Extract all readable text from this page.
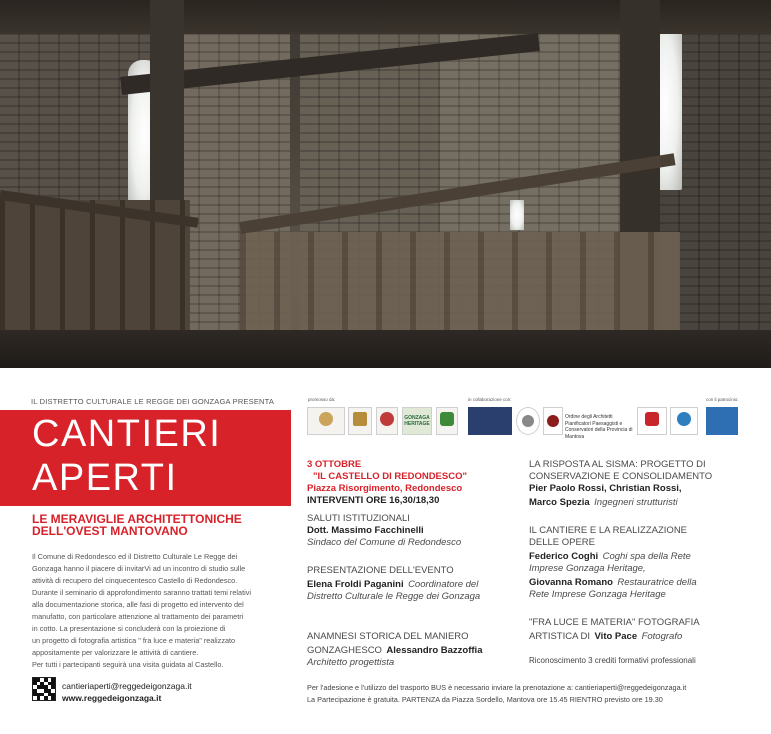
IL DISTRETTO CULTURALE LE REGGE DEI GONZAGA PRESENTA
CANTIERI
APERTI
LE MERAVIGLIE ARCHITETTONICHE
DELL'OVEST MANTOVANO
Il Comune di Redondesco ed il Distretto Culturale Le Regge dei
Gonzaga hanno il piacere di invitarVi ad un incontro di studio sulle
attività di recupero del cinquecentesco Castello di Redondesco.
Durante il seminario di approfondimento saranno trattati temi relativi
alla documentazione storica, alle fasi di progetto ed intervento del
manufatto, con particolare attenzione al trattamento dei parametri
in cotto. La presentazione si concluderà con la proiezione di
un progetto di fotografia artistica " fra luce e materia" realizzato
appositamente per valorizzare le attività di cantiere.
Per tutti i partecipanti seguirà una visita guidata al Castello.
cantieriaperti@reggedeigonzaga.it
www.reggedeigonzaga.it
promosso da:	in collaborazione con:	con il patrocinio:
GONZAGA HERITAGE
Ordine degli Architetti Pianificatori Paesaggisti e Conservatori della Provincia di Mantova
3 OTTOBRE
"IL CASTELLO DI REDONDESCO"
Piazza Risorgimento, Redondesco
INTERVENTI ORE 16,30/18,30
SALUTI ISTITUZIONALI
Dott. Massimo Facchinelli
Sindaco del Comune di Redondesco
PRESENTAZIONE DELL'EVENTO
Elena Froldi Paganini Coordinatore del
Distretto Culturale le Regge dei Gonzaga
ANAMNESI STORICA DEL MANIERO
GONZAGHESCO Alessandro Bazzoffia
Architetto progettista
LA RISPOSTA AL SISMA: PROGETTO DI
CONSERVAZIONE E CONSOLIDAMENTO
Pier Paolo Rossi, Christian Rossi,
Marco Spezia Ingegneri strutturisti
IL CANTIERE E LA REALIZZAZIONE
DELLE OPERE
Federico Coghi Coghi spa della Rete
Imprese Gonzaga Heritage,
Giovanna Romano Restauratrice della
Rete Imprese Gonzaga Heritage
"FRA LUCE E MATERIA" FOTOGRAFIA
ARTISTICA DI Vito Pace Fotografo
Riconoscimento 3 crediti formativi professionali
Per l'adesione e l'utilizzo del trasporto BUS è necessario inviare la prenotazione a: cantieriaperti@reggedeigonzaga.it
La Partecipazione è gratuita. PARTENZA da Piazza Sordello, Mantova ore 15.45 RIENTRO previsto ore 19.30
